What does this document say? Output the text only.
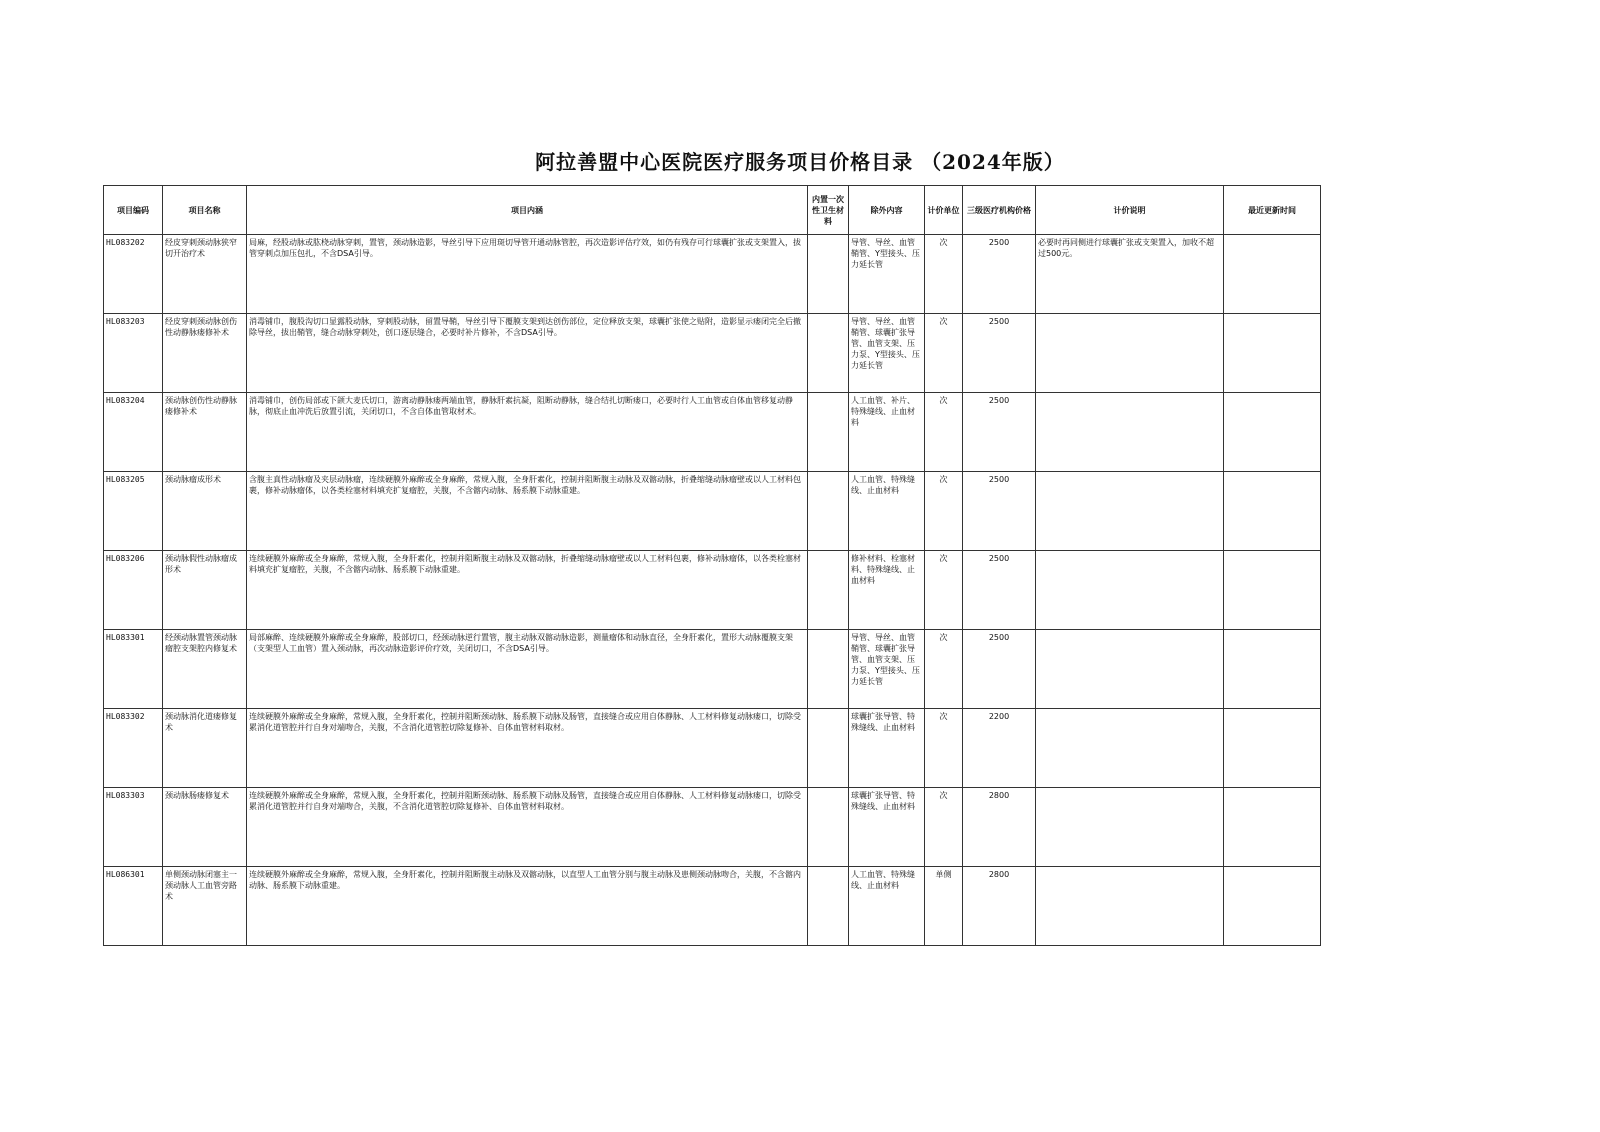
阿拉善盟中心医院医疗服务项目价格目录 （2024年版）
项目编码	项目名称	项目内涵	内置一次性卫生材料	除外内容	计价单位	三级医疗机构价格	计价说明	最近更新时间
HL083202	经皮穿刺颈动脉狭窄切开治疗术	局麻，经股动脉或肱桡动脉穿刺，置管，颈动脉造影，导丝引导下应用斑切导管开通动脉管腔，再次造影评估疗效，如仍有残存可行球囊扩张或支架置入，拔管穿刺点加压包扎，不含DSA引导。		导管、导丝、血管鞘管、Y型接头、压力延长管	次	2500	必要时再同侧进行球囊扩张或支架置入，加收不超过500元。	
HL083203	经皮穿刺颈动脉创伤性动静脉瘘修补术	消毒铺巾，腹股沟切口显露股动脉，穿刺股动脉，留置导鞘，导丝引导下覆膜支架到达创伤部位，定位释放支架，球囊扩张使之贴附，造影显示瘘闭完全后撤除导丝，拔出鞘管，缝合动脉穿刺处，创口逐层缝合，必要时补片修补，不含DSA引导。		导管、导丝、血管鞘管、球囊扩张导管、血管支架、压力泵、Y型接头、压力延长管	次	2500		
HL083204	颈动脉创伤性动静脉瘘修补术	消毒铺巾，创伤局部或下颌大麦氏切口，游离动静脉瘘两端血管，静脉肝素抗凝，阻断动静脉，缝合结扎切断瘘口，必要时行人工血管或自体血管移复动静脉，彻底止血冲洗后放置引流，关闭切口，不含自体血管取材术。		人工血管、补片、特殊缝线、止血材料	次	2500		
HL083205	颈动脉瘤成形术	含腹主真性动脉瘤及夹层动脉瘤，连续硬膜外麻醉或全身麻醉，常规入腹，全身肝素化，控制并阻断腹主动脉及双髂动脉，折叠缩缝动脉瘤壁或以人工材料包裹，修补动脉瘤体，以各类栓塞材料填充扩复瘤腔，关腹，不含髂内动脉、肠系膜下动脉重建。		人工血管、特殊缝线、止血材料	次	2500		
HL083206	颈动脉假性动脉瘤成形术	连续硬膜外麻醉或全身麻醉，常规入腹，全身肝素化，控制并阻断腹主动脉及双髂动脉，折叠缩缝动脉瘤壁或以人工材料包裹，修补动脉瘤体，以各类栓塞材料填充扩复瘤腔，关腹，不含髂内动脉、肠系膜下动脉重建。		修补材料、栓塞材料、特殊缝线、止血材料	次	2500		
HL083301	经颈动脉置管颈动脉瘤腔支架腔内修复术	局部麻醉、连续硬膜外麻醉或全身麻醉，股部切口，经颈动脉逆行置管，腹主动脉双髂动脉造影，测量瘤体和动脉直径，全身肝素化，置形大动脉覆膜支架（支架型人工血管）置入颈动脉，再次动脉造影评价疗效，关闭切口，不含DSA引导。		导管、导丝、血管鞘管、球囊扩张导管、血管支架、压力泵、Y型接头、压力延长管	次	2500		
HL083302	颈动脉消化道瘘修复术	连续硬膜外麻醉或全身麻醉，常规入腹，全身肝素化，控制并阻断颈动脉、肠系膜下动脉及肠管，直接缝合或应用自体静脉、人工材料修复动脉瘘口，切除受累消化道管腔并行自身对端吻合，关腹，不含消化道管腔切除复修补、自体血管材料取材。		球囊扩张导管、特殊缝线、止血材料	次	2200		
HL083303	颈动脉肠瘘修复术	连续硬膜外麻醉或全身麻醉，常规入腹，全身肝素化，控制并阻断颈动脉、肠系膜下动脉及肠管，直接缝合或应用自体静脉、人工材料修复动脉瘘口，切除受累消化道管腔并行自身对端吻合，关腹，不含消化道管腔切除复修补、自体血管材料取材。		球囊扩张导管、特殊缝线、止血材料	次	2800		
HL086301	单侧颈动脉闭塞主一颈动脉人工血管旁路术	连续硬膜外麻醉或全身麻醉，常规入腹，全身肝素化，控制并阻断腹主动脉及双髂动脉，以直型人工血管分别与腹主动脉及患侧颈动脉吻合，关腹，不含髂内动脉、肠系膜下动脉重建。		人工血管、特殊缝线、止血材料	单侧	2800		
